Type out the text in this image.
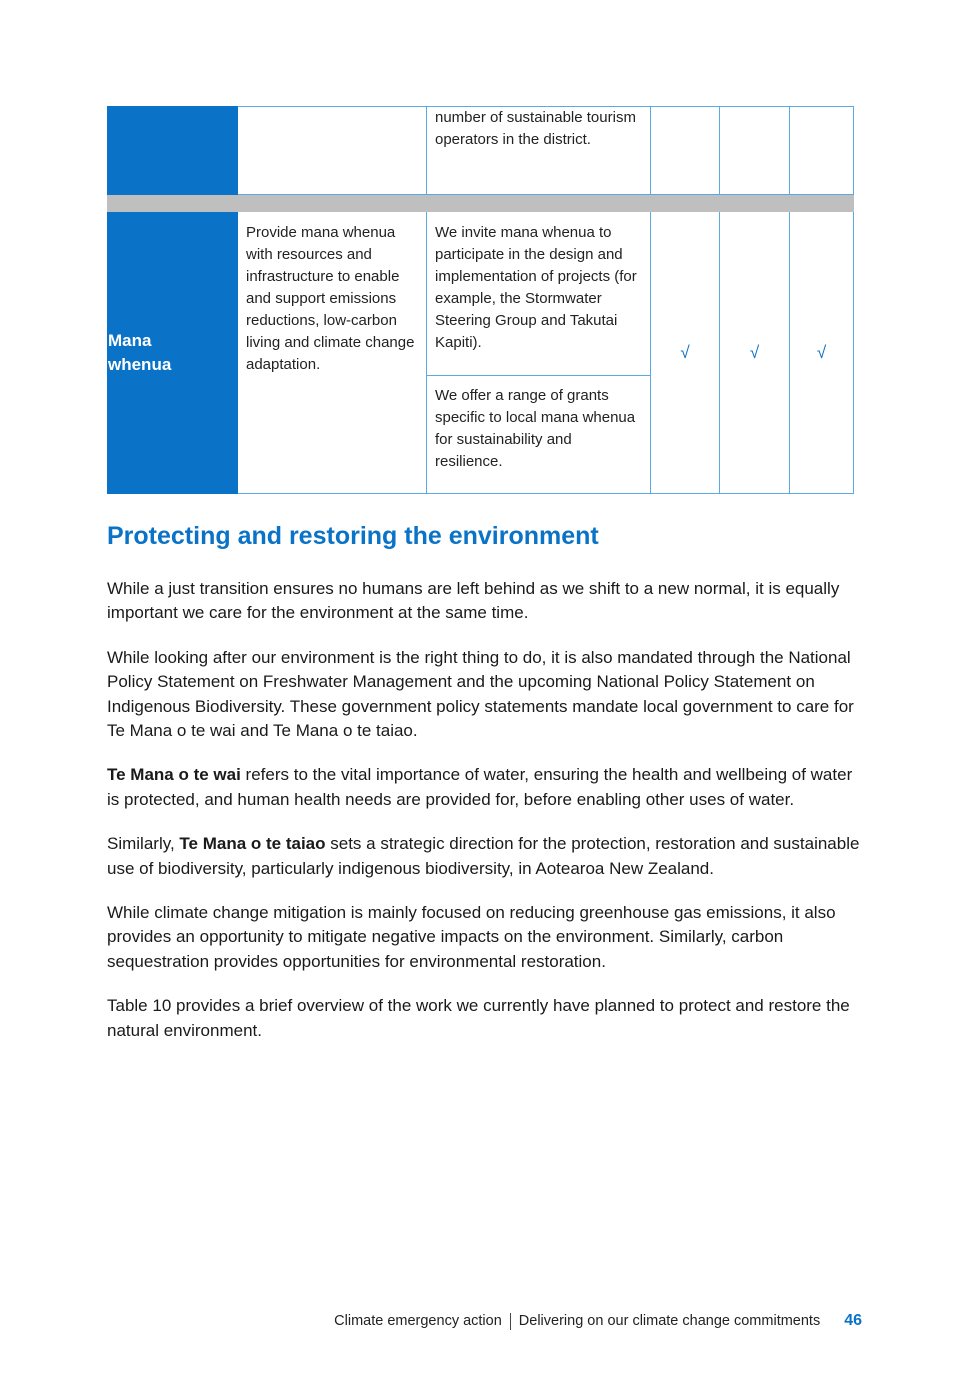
		number of sustainable tourism operators in the district.			

Mana whenua	Provide mana whenua with resources and infrastructure to enable and support emissions reductions, low-carbon living and climate change adaptation.	We invite mana whenua to participate in the design and implementation of projects (for example, the Stormwater Steering Group and Takutai Kapiti).	√	√	√

		We offer a range of grants specific to local mana whenua for sustainability and resilience.			
Protecting and restoring the environment

While a just transition ensures no humans are left behind as we shift to a new normal, it is equally important we care for the environment at the same time.

While looking after our environment is the right thing to do, it is also mandated through the National Policy Statement on Freshwater Management and the upcoming National Policy Statement on Indigenous Biodiversity. These government policy statements mandate local government to care for Te Mana o te wai and Te Mana o te taiao.

Te Mana o te wai refers to the vital importance of water, ensuring the health and wellbeing of water is protected, and human health needs are provided for, before enabling other uses of water.

Similarly, Te Mana o te taiao sets a strategic direction for the protection, restoration and sustainable use of biodiversity, particularly indigenous biodiversity, in Aotearoa New Zealand.

While climate change mitigation is mainly focused on reducing greenhouse gas emissions, it also provides an opportunity to mitigate negative impacts on the environment. Similarly, carbon sequestration provides opportunities for environmental restoration.

Table 10 provides a brief overview of the work we currently have planned to protect and restore the natural environment.

Climate emergency action Delivering on our climate change commitments 46
